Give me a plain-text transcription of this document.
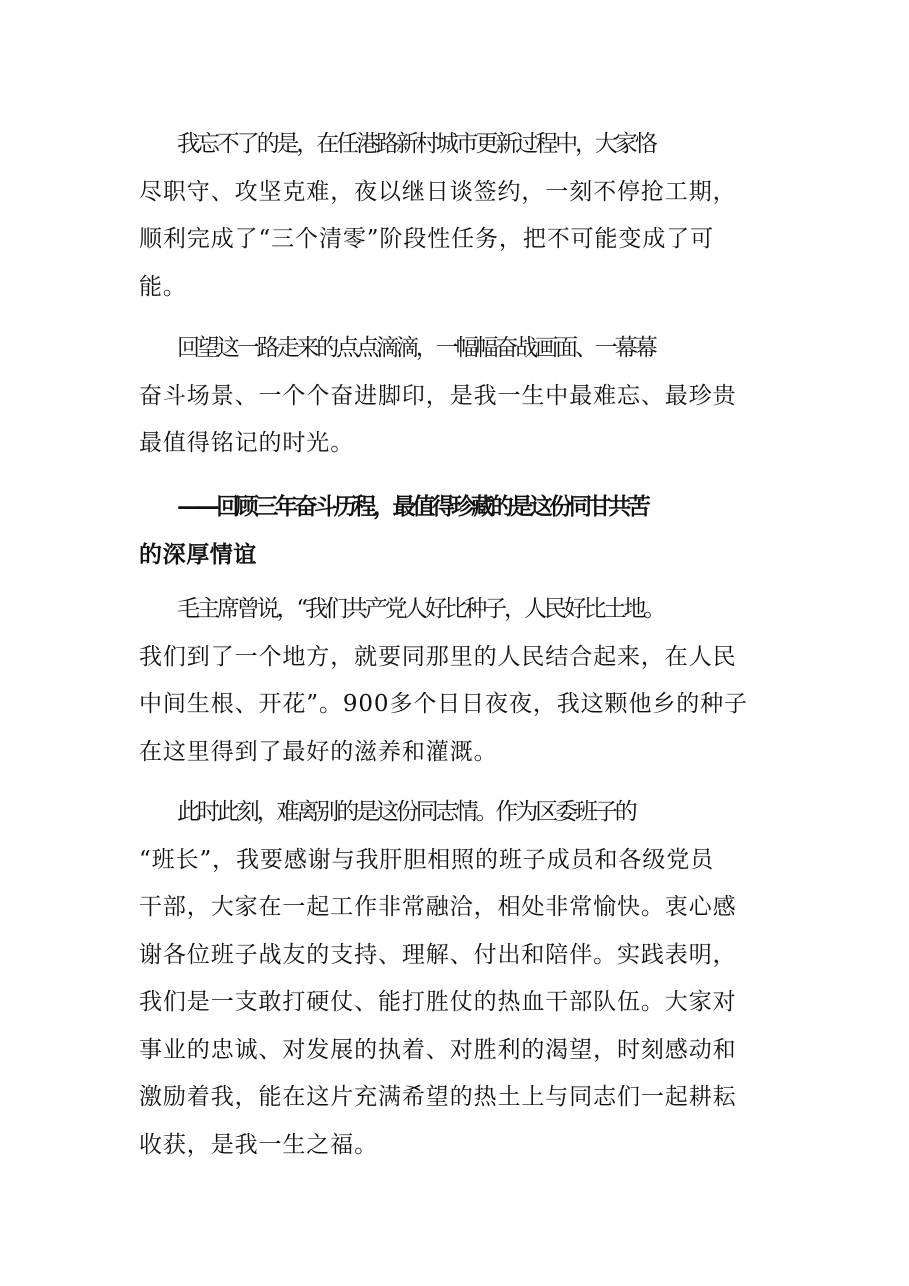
我忘不了的是，在任港路新村城市更新过程中，大家恪
尽职守、攻坚克难，夜以继日谈签约，一刻不停抢工期，
顺利完成了“三个清零”阶段性任务，把不可能变成了可
能。

回望这一路走来的点点滴滴，一幅幅奋战画面、一幕幕
奋斗场景、一个个奋进脚印，是我一生中最难忘、最珍贵
最值得铭记的时光。

——回顾三年奋斗历程，最值得珍藏的是这份同甘共苦
的深厚情谊

毛主席曾说，“我们共产党人好比种子，人民好比土地。
我们到了一个地方，就要同那里的人民结合起来，在人民
中间生根、开花”。900多个日日夜夜，我这颗他乡的种子
在这里得到了最好的滋养和灌溉。

此时此刻，难离别的是这份同志情。作为区委班子的
“班长”，我要感谢与我肝胆相照的班子成员和各级党员
干部，大家在一起工作非常融洽，相处非常愉快。衷心感
谢各位班子战友的支持、理解、付出和陪伴。实践表明，
我们是一支敢打硬仗、能打胜仗的热血干部队伍。大家对
事业的忠诚、对发展的执着、对胜利的渴望，时刻感动和
激励着我，能在这片充满希望的热土上与同志们一起耕耘
收获，是我一生之福。
